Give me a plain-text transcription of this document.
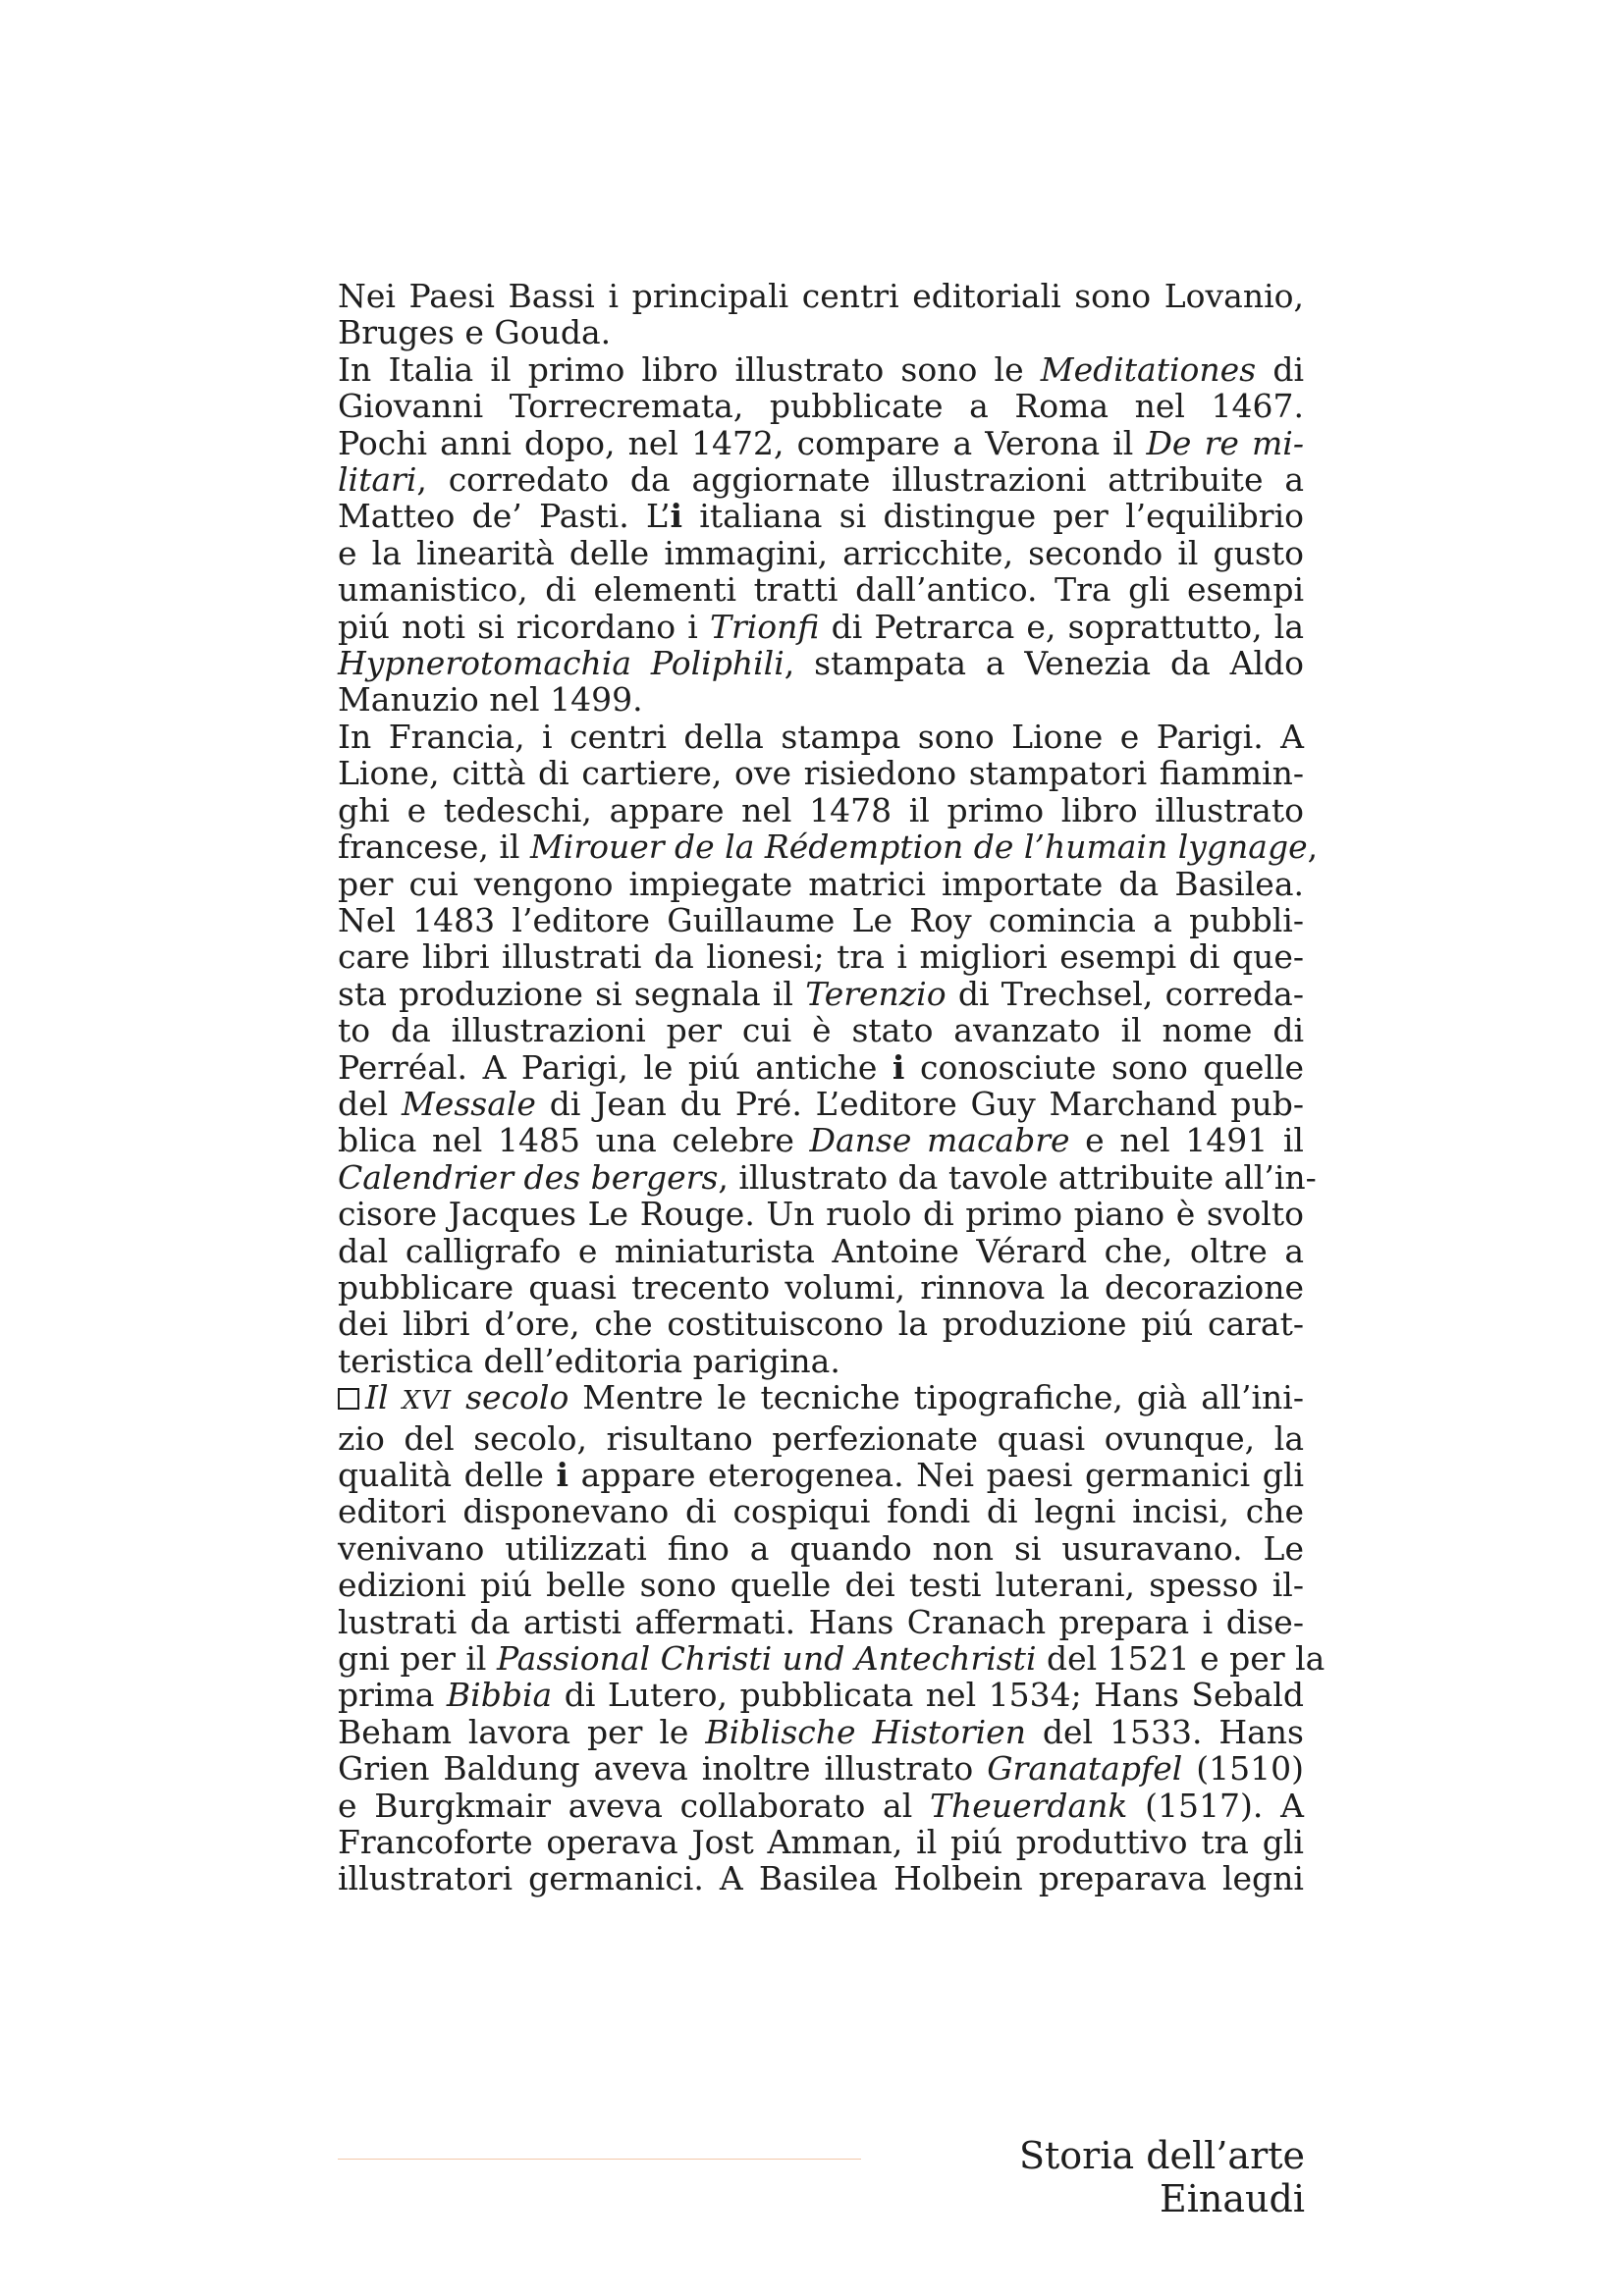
Nei Paesi Bassi i principali centri editoriali sono Lovanio,
Bruges e Gouda.
In Italia il primo libro illustrato sono le Meditationes di
Giovanni Torrecremata, pubblicate a Roma nel 1467.
Pochi anni dopo, nel 1472, compare a Verona il De re mi-
litari, corredato da aggiornate illustrazioni attribuite a
Matteo de’ Pasti. L’i italiana si distingue per l’equilibrio
e la linearità delle immagini, arricchite, secondo il gusto
umanistico, di elementi tratti dall’antico. Tra gli esempi
piú noti si ricordano i Trionfi di Petrarca e, soprattutto, la
Hypnerotomachia Poliphili, stampata a Venezia da Aldo
Manuzio nel 1499.
In Francia, i centri della stampa sono Lione e Parigi. A
Lione, città di cartiere, ove risiedono stampatori fiammin-
ghi e tedeschi, appare nel 1478 il primo libro illustrato
francese, il Mirouer de la Rédemption de l’humain lygnage,
per cui vengono impiegate matrici importate da Basilea.
Nel 1483 l’editore Guillaume Le Roy comincia a pubbli-
care libri illustrati da lionesi; tra i migliori esempi di que-
sta produzione si segnala il Terenzio di Trechsel, correda-
to da illustrazioni per cui è stato avanzato il nome di
Perréal. A Parigi, le piú antiche i conosciute sono quelle
del Messale di Jean du Pré. L’editore Guy Marchand pub-
blica nel 1485 una celebre Danse macabre e nel 1491 il
Calendrier des bergers, illustrato da tavole attribuite all’in-
cisore Jacques Le Rouge. Un ruolo di primo piano è svolto
dal calligrafo e miniaturista Antoine Vérard che, oltre a
pubblicare quasi trecento volumi, rinnova la decorazione
dei libri d’ore, che costituiscono la produzione piú carat-
teristica dell’editoria parigina.
Il XVI secolo Mentre le tecniche tipografiche, già all’ini-
zio del secolo, risultano perfezionate quasi ovunque, la
qualità delle i appare eterogenea. Nei paesi germanici gli
editori disponevano di cospiqui fondi di legni incisi, che
venivano utilizzati fino a quando non si usuravano. Le
edizioni piú belle sono quelle dei testi luterani, spesso il-
lustrati da artisti affermati. Hans Cranach prepara i dise-
gni per il Passional Christi und Antechristi del 1521 e per la
prima Bibbia di Lutero, pubblicata nel 1534; Hans Sebald
Beham lavora per le Biblische Historien del 1533. Hans
Grien Baldung aveva inoltre illustrato Granatapfel (1510)
e Burgkmair aveva collaborato al Theuerdank (1517). A
Francoforte operava Jost Amman, il piú produttivo tra gli
illustratori germanici. A Basilea Holbein preparava legni
Storia dell’arte Einaudi
